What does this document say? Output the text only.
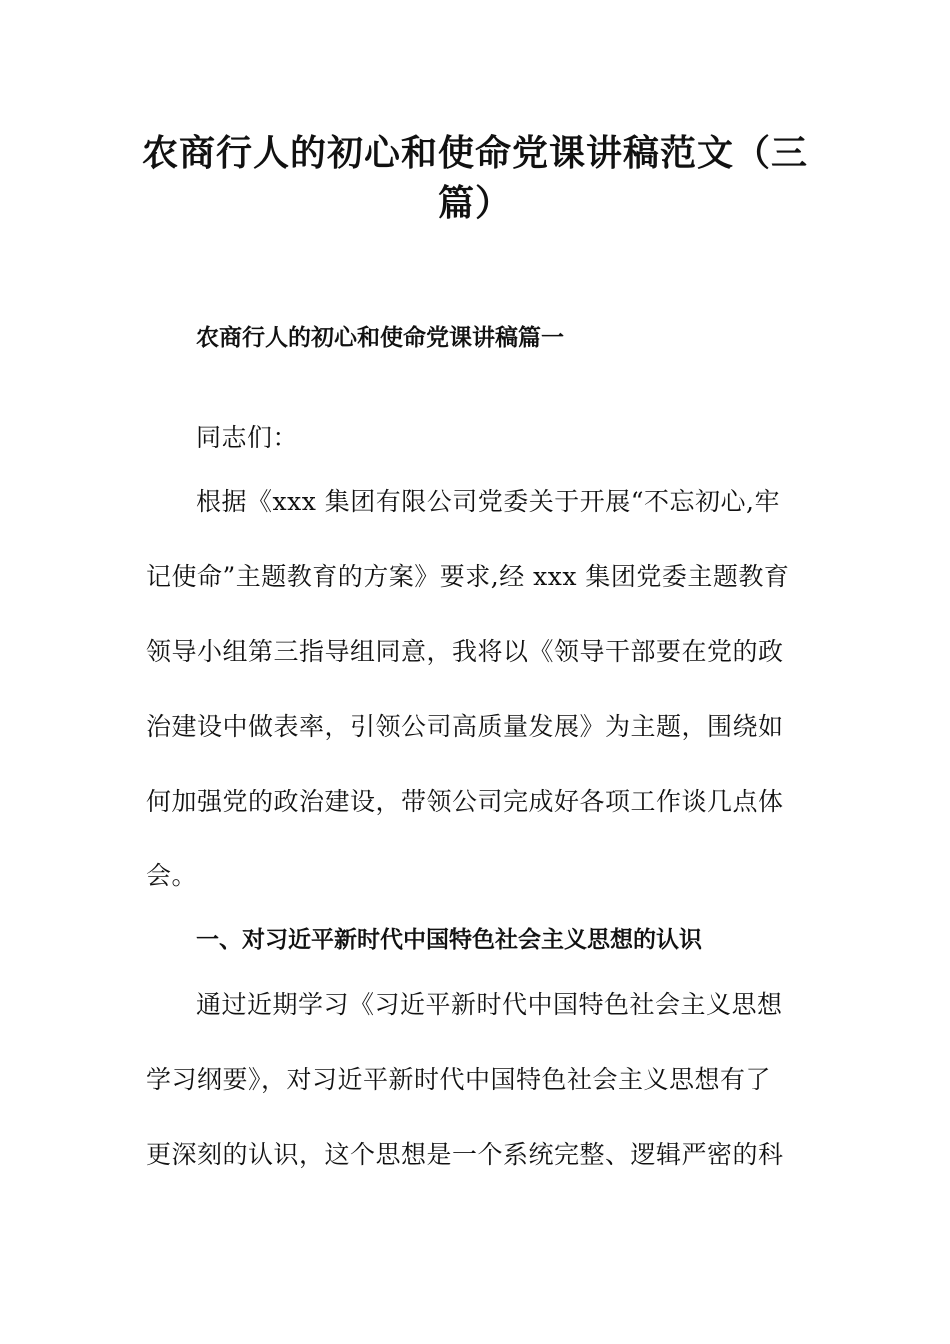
农商行人的初心和使命党课讲稿范文（三
篇）
农商行人的初心和使命党课讲稿篇一
同志们：
根据《xxx 集团有限公司党委关于开展“不忘初心,牢
记使命”主题教育的方案》要求,经 xxx 集团党委主题教育
领导小组第三指导组同意，我将以《领导干部要在党的政
治建设中做表率，引领公司高质量发展》为主题，围绕如
何加强党的政治建设，带领公司完成好各项工作谈几点体
会。
一、对习近平新时代中国特色社会主义思想的认识
通过近期学习《习近平新时代中国特色社会主义思想
学习纲要》，对习近平新时代中国特色社会主义思想有了
更深刻的认识，这个思想是一个系统完整、逻辑严密的科
